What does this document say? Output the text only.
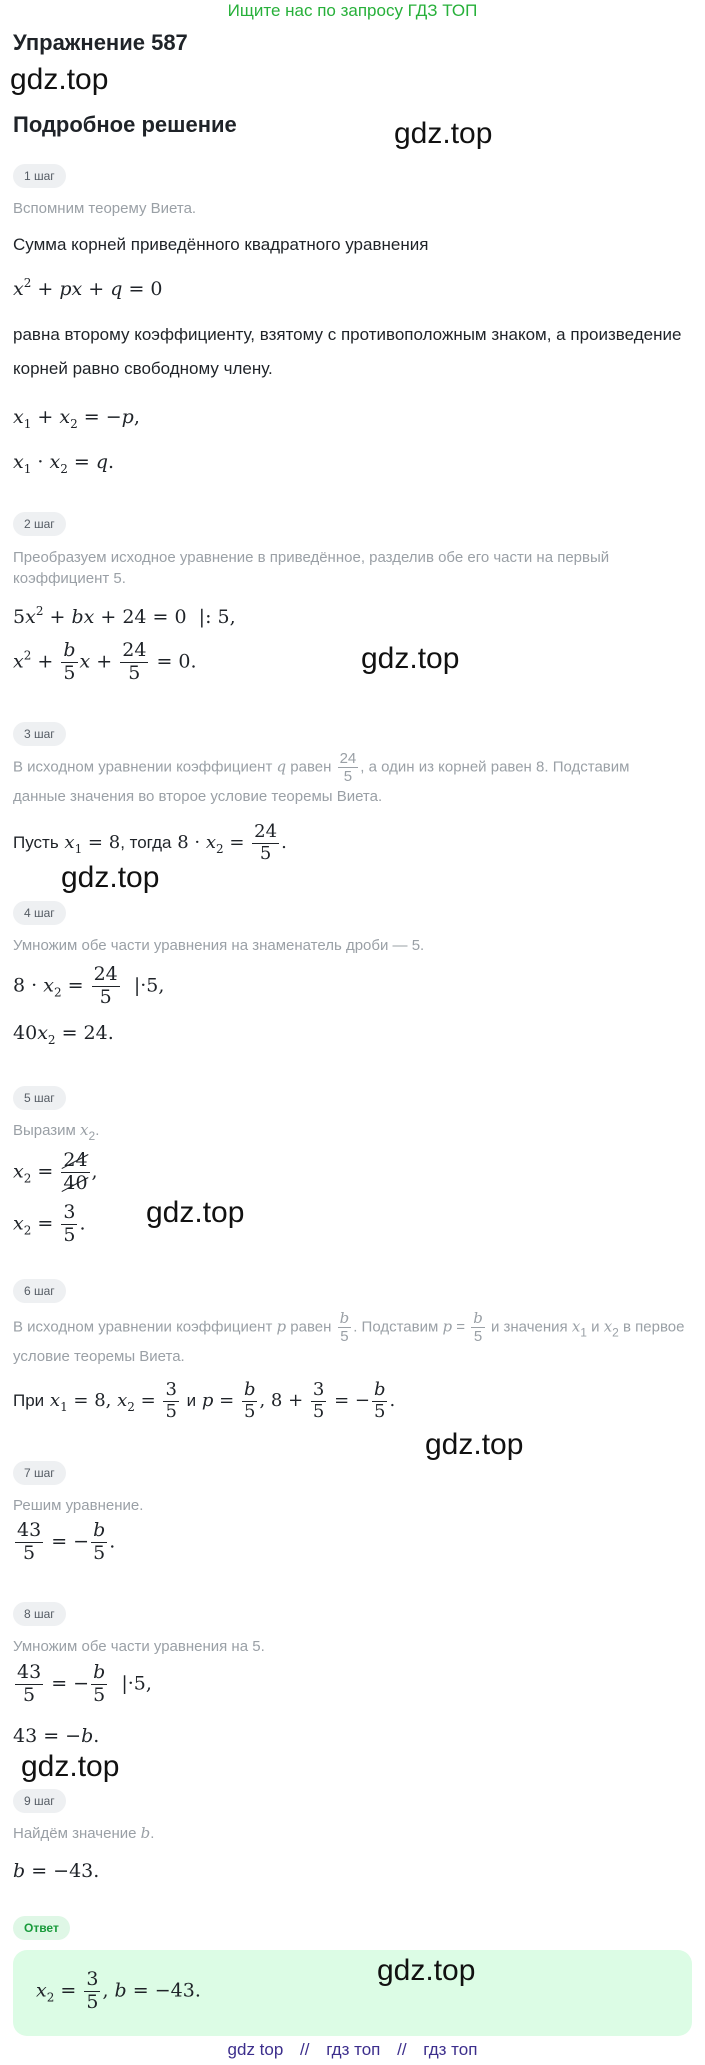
Ищите нас по запросу ГДЗ ТОП
Упражнение 587
gdz.top
Подробное решение	gdz.top
1 шаг
Вспомним теорему Виета.
Сумма корней приведённого квадратного уравнения
$x^2$ + px + q = 0
равна второму коэффициенту, взятому с противоположным знаком, а произведение корней равно свободному члену.
$x_1 + x_2 = -p$,
$x_1 \cdot x_2 = q$.
2 шаг
Преобразуем исходное уравнение в приведённое, разделив обе его части на первый коэффициент 5.
$5x^2$ + bx + 24 = 0  |: 5,
$x^2 + \frac{b}{5}$ $x + \frac{24}{5} = 0$.	gdz.top
3 шаг
В исходном уравнении коэффициент q равен $\frac{24}{5}$ , а один из корней равен 8. Подставим данные значения во второе условие теоремы Виета.
Пусть $x_1 = 8$, тогда $8 \cdot x_2 = \frac{24}{5}$ .
gdz.top
4 шаг
Умножим обе части уравнения на знаменатель дроби — 5.
$8 \cdot x_2 = \frac{24}{5} |\cdot 5$,
$40x_2 = 24$.
5 шаг
Выразим $x_2$.
$x_2 = \frac{24}{40}$ ,
$x_2 = \frac{3}{5}$ . gdz.top
6 шаг
В исходном уравнении коэффициент p равен $\frac{b}{5}$ . Подставим $p = \frac{b}{5}$ и значения $x_1$ и $x_2$ в первое условие теоремы Виета.
При $x_1 = 8$, $x_2 = \frac{3}{5}$ и $p = \frac{b}{5}$ , $8 + \frac{3}{5}$ = − $\frac{b}{5}$ .
gdz.top
7 шаг
Решим уравнение.
$\frac{43}{5}$ = − $\frac{b}{5}$ .
8 шаг
Умножим обе части уравнения на 5.
$\frac{43}{5}$ = − $\frac{b}{5} |\cdot 5$,
43 = −b.
gdz.top
9 шаг
Найдём значение b.
b = −43.
Ответ
$x_2 = \frac{3}{5}$ , b = −43.
gdz.top
gdz top // гдз топ // гдз топ
